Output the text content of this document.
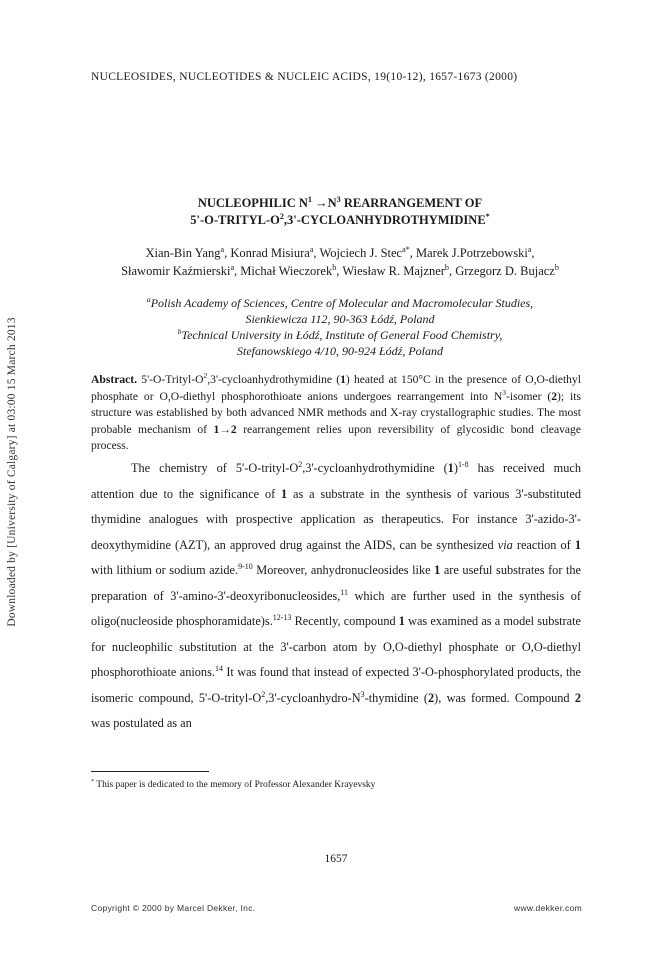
Downloaded by [University of Calgary] at 03:00 15 March 2013
NUCLEOSIDES, NUCLEOTIDES & NUCLEIC ACIDS, 19(10-12), 1657-1673 (2000)
NUCLEOPHILIC $N^1 \to N^3$ REARRANGEMENT OF
$5'-O-TRITYL-O^2,3'-CYCLOANHYDROTHYMIDINE^*$
Xian-Bin Yang$^a$, Konrad Misiura$^a$, Wojciech J. Stec$^{a*}$, Marek J.Potrzebowski$^a$,
Sławomir Kaźmierski$^a$, Michał Wieczorek$^b$, Wiesław R. Majzner$^b$, Grzegorz D. Bujacz$^b$
$^a$Polish Academy of Sciences, Centre of Molecular and Macromolecular Studies,
Sienkiewicza 112, 90-363 Łódź, Poland
$^b$Technical University in Łódź, Institute of General Food Chemistry,
Stefanowskiego 4/10, 90-924 Łódź, Poland
Abstract. $5'-O-Trityl-O^2,3'$-cycloanhydrothymidine (1) heated at 150°C in the presence of O,O-diethyl phosphate or O,O-diethyl phosphorothioate anions undergoes rearrangement into $N^3$-isomer (2); its structure was established by both advanced NMR methods and X-ray crystallographic studies. The most probable mechanism of 1→2 rearrangement relies upon reversibility of glycosidic bond cleavage process.
The chemistry of $5'-O-trityl-O^2,3'$-cycloanhydrothymidine $(1)^{1-8}$ has received much attention due to the significance of 1 as a substrate in the synthesis of various 3'-substituted thymidine analogues with prospective application as therapeutics. For instance 3'-azido-3'-deoxythymidine (AZT), an approved drug against the AIDS, can be synthesized via reaction of 1 with lithium or sodium azide.$^{9-10}$ Moreover, anhydronucleosides like 1 are useful substrates for the preparation of 3'-amino-3'-deoxyribonucleosides,$^{11}$ which are further used in the synthesis of oligo(nucleoside phosphoramidate)s.$^{12-13}$ Recently, compound 1 was examined as a model substrate for nucleophilic substitution at the 3'-carbon atom by O,O-diethyl phosphate or O,O-diethyl phosphorothioate anions.$^{14}$ It was found that instead of expected 3'-O-phosphorylated products, the isomeric compound, $5'-O-trityl-O^2,3'-cycloanhydro-N^3$-thymidine (2), was formed. Compound 2 was postulated as an
* This paper is dedicated to the memory of Professor Alexander Krayevsky
1657
Copyright © 2000 by Marcel Dekker, Inc.	www.dekker.com
